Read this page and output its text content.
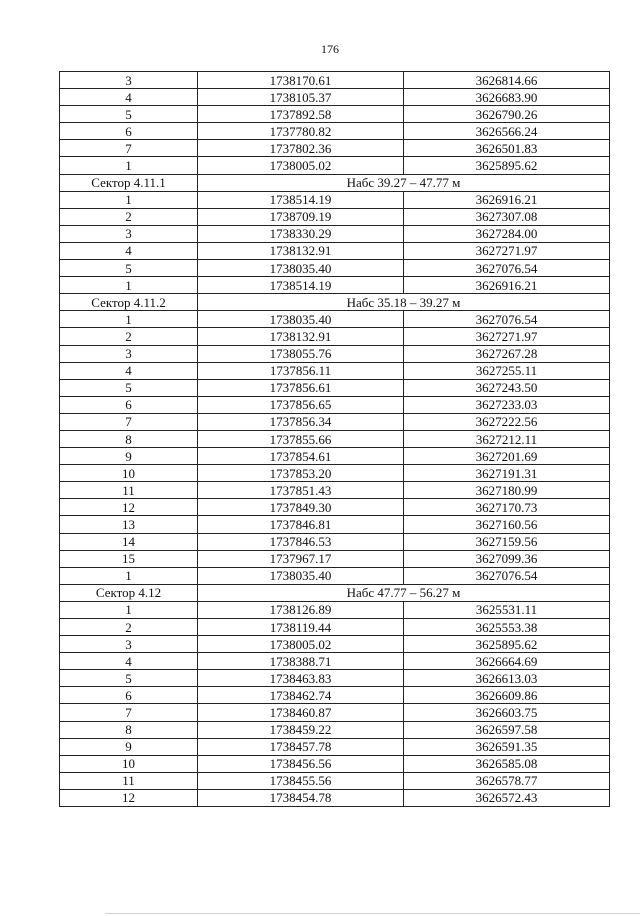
176
3	1738170.61	3626814.66
4	1738105.37	3626683.90
5	1737892.58	3626790.26
6	1737780.82	3626566.24
7	1737802.36	3626501.83
1	1738005.02	3625895.62
Сектор 4.11.1	Набс 39.27 – 47.77 м	
1	1738514.19	3626916.21
2	1738709.19	3627307.08
3	1738330.29	3627284.00
4	1738132.91	3627271.97
5	1738035.40	3627076.54
1	1738514.19	3626916.21
Сектор 4.11.2	Набс 35.18 – 39.27 м	
1	1738035.40	3627076.54
2	1738132.91	3627271.97
3	1738055.76	3627267.28
4	1737856.11	3627255.11
5	1737856.61	3627243.50
6	1737856.65	3627233.03
7	1737856.34	3627222.56
8	1737855.66	3627212.11
9	1737854.61	3627201.69
10	1737853.20	3627191.31
11	1737851.43	3627180.99
12	1737849.30	3627170.73
13	1737846.81	3627160.56
14	1737846.53	3627159.56
15	1737967.17	3627099.36
1	1738035.40	3627076.54
Сектор 4.12	Набс 47.77 – 56.27 м	
1	1738126.89	3625531.11
2	1738119.44	3625553.38
3	1738005.02	3625895.62
4	1738388.71	3626664.69
5	1738463.83	3626613.03
6	1738462.74	3626609.86
7	1738460.87	3626603.75
8	1738459.22	3626597.58
9	1738457.78	3626591.35
10	1738456.56	3626585.08
11	1738455.56	3626578.77
12	1738454.78	3626572.43
